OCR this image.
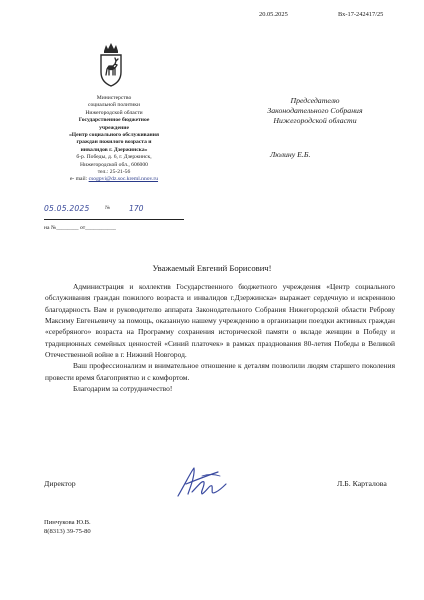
20.05.2025	Вх-17-242417/25
Министерство
социальной политики
Нижегородской области
Государственное бюджетное
учреждение
«Центр социального обслуживания
граждан пожилого возраста и
инвалидов г. Дзержинска»
б-р. Победы, д. 6, г. Дзержинск,
Нижегородской обл., 606000
тел.: 25-21-56
e- mail: csogpvi@dz.soc.kreml.nnov.ru
05.05.2025	№ 170
на №________ от___________
Председателю
Законодательного Собрания
Нижегородской области
Люлину Е.Б.
Уважаемый Евгений Борисович!

Администрация и коллектив Государственного бюджетного учреждения «Центр социального обслуживания граждан пожилого возраста и инвалидов г.Дзержинска» выражает сердечную и искреннюю благодарность Вам и руководителю аппарата Законодательного Собрания Нижегородской области Реброву Максиму Евгеньевичу за помощь, оказанную нашему учреждению в организации поездки активных граждан «серебряного» возраста на Программу сохранения исторической памяти о вкладе женщин в Победу и традиционных семейных ценностей «Синий платочек» в рамках празднования 80-летия Победы в Великой Отечественной войне в г. Нижний Новгород.

Ваш профессионализм и внимательное отношение к деталям позволили людям старшего поколения провести время благоприятно и с комфортом.

Благодарим за сотрудничество!

Директор	Л.Б. Карталова
Пинчукова Ю.В.
8(8313) 39-75-80
